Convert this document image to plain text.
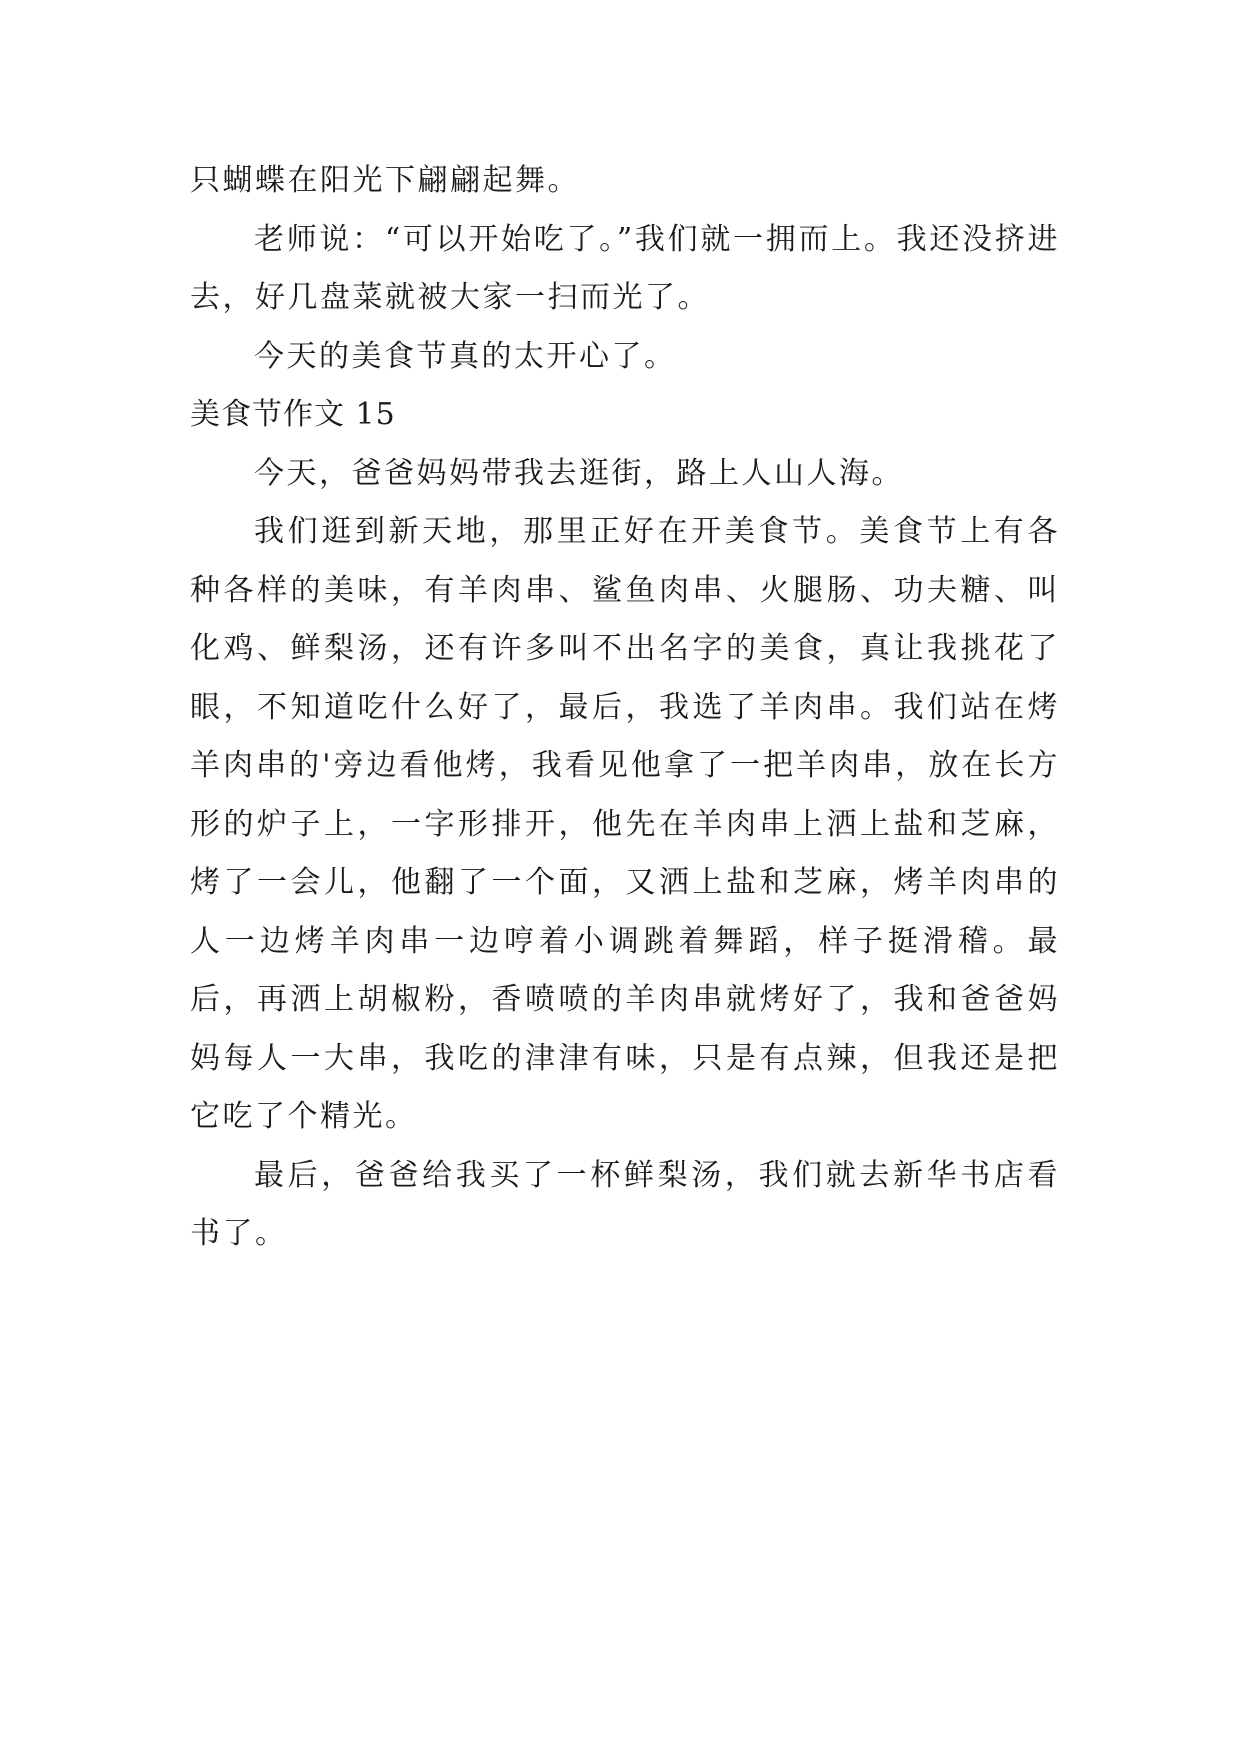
只蝴蝶在阳光下翩翩起舞。

老师说：“可以开始吃了。”我们就一拥而上。我还没挤进去，好几盘菜就被大家一扫而光了。

今天的美食节真的太开心了。

美食节作文 15

今天，爸爸妈妈带我去逛街，路上人山人海。

我们逛到新天地，那里正好在开美食节。美食节上有各种各样的美味，有羊肉串、鲨鱼肉串、火腿肠、功夫糖、叫化鸡、鲜梨汤，还有许多叫不出名字的美食，真让我挑花了眼，不知道吃什么好了，最后，我选了羊肉串。我们站在烤羊肉串的'旁边看他烤，我看见他拿了一把羊肉串，放在长方形的炉子上，一字形排开，他先在羊肉串上洒上盐和芝麻，烤了一会儿，他翻了一个面，又洒上盐和芝麻，烤羊肉串的人一边烤羊肉串一边哼着小调跳着舞蹈，样子挺滑稽。最后，再洒上胡椒粉，香喷喷的羊肉串就烤好了，我和爸爸妈妈每人一大串，我吃的津津有味，只是有点辣，但我还是把它吃了个精光。

最后，爸爸给我买了一杯鲜梨汤，我们就去新华书店看书了。
